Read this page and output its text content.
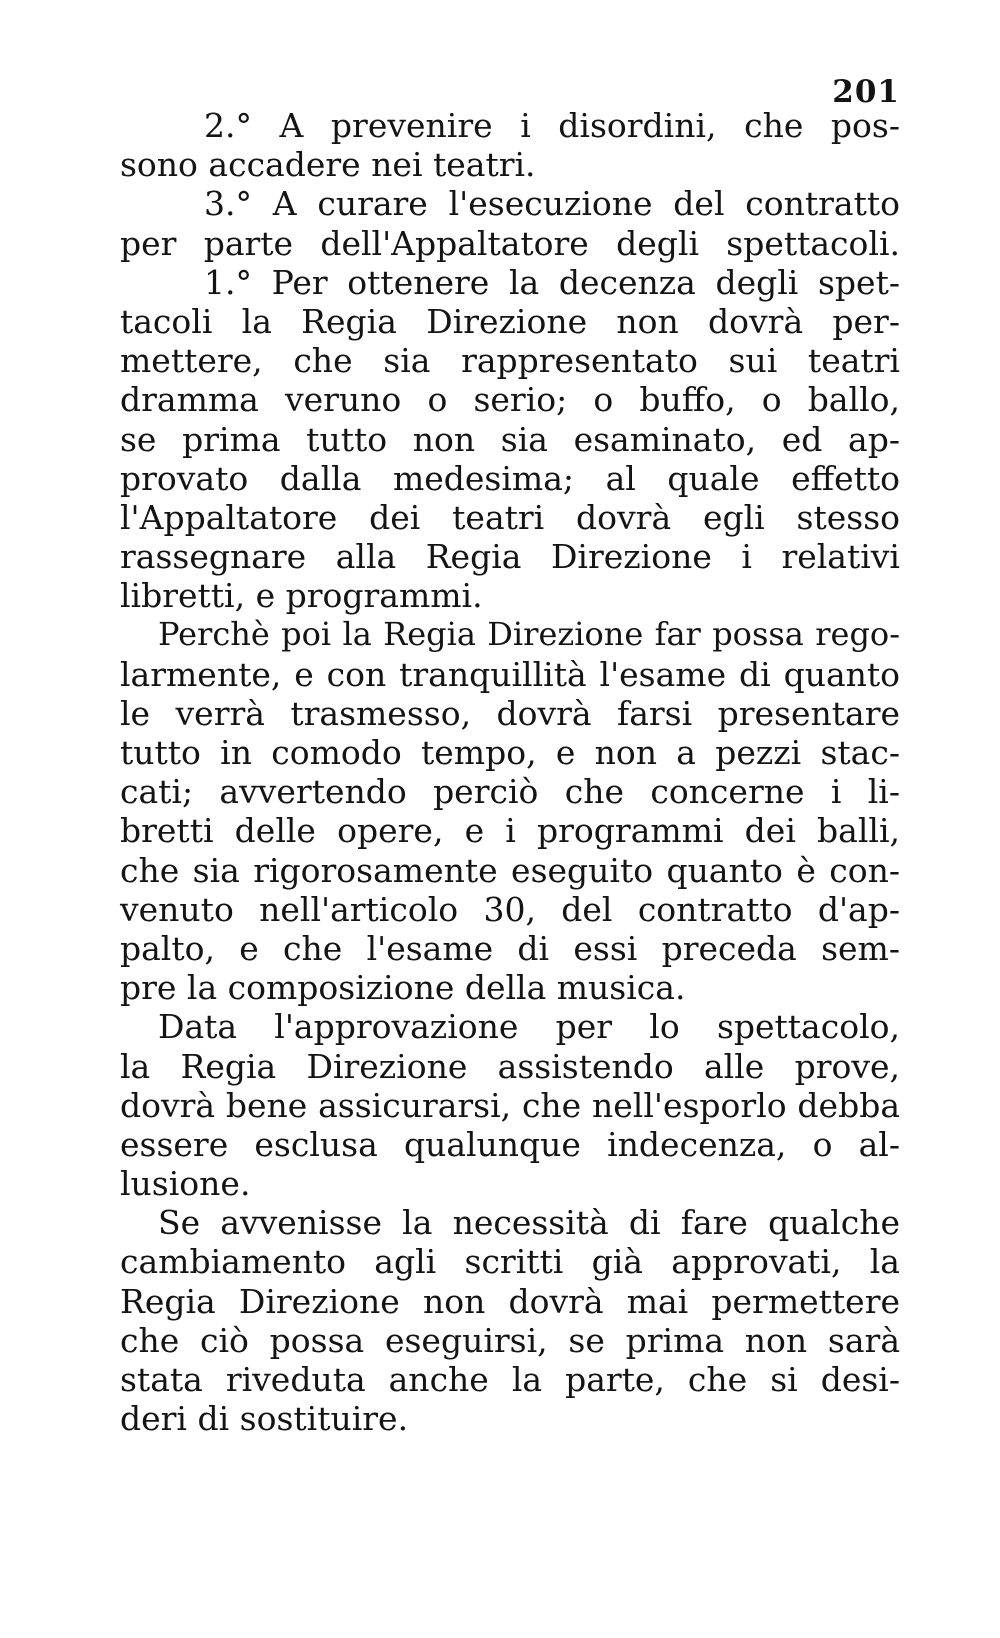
201
2.° A prevenire i disordini, che pos-
sono accadere nei teatri.
3.° A curare l'esecuzione del contratto
per parte dell'Appaltatore degli spettacoli.
1.° Per ottenere la decenza degli spet-
tacoli la Regia Direzione non dovrà per-
mettere, che sia rappresentato sui teatri
dramma veruno o serio; o buffo, o ballo,
se prima tutto non sia esaminato, ed ap-
provato dalla medesima; al quale effetto
l'Appaltatore dei teatri dovrà egli stesso
rassegnare alla Regia Direzione i relativi
libretti, e programmi.
Perchè poi la Regia Direzione far possa rego-
larmente, e con tranquillità l'esame di quanto
le verrà trasmesso, dovrà farsi presentare
tutto in comodo tempo, e non a pezzi stac-
cati; avvertendo perciò che concerne i li-
bretti delle opere, e i programmi dei balli,
che sia rigorosamente eseguito quanto è con-
venuto nell'articolo 30, del contratto d'ap-
palto, e che l'esame di essi preceda sem-
pre la composizione della musica.
Data l'approvazione per lo spettacolo,
la Regia Direzione assistendo alle prove,
dovrà bene assicurarsi, che nell'esporlo debba
essere esclusa qualunque indecenza, o al-
lusione.
Se avvenisse la necessità di fare qualche
cambiamento agli scritti già approvati, la
Regia Direzione non dovrà mai permettere
che ciò possa eseguirsi, se prima non sarà
stata riveduta anche la parte, che si desi-
deri di sostituire.
